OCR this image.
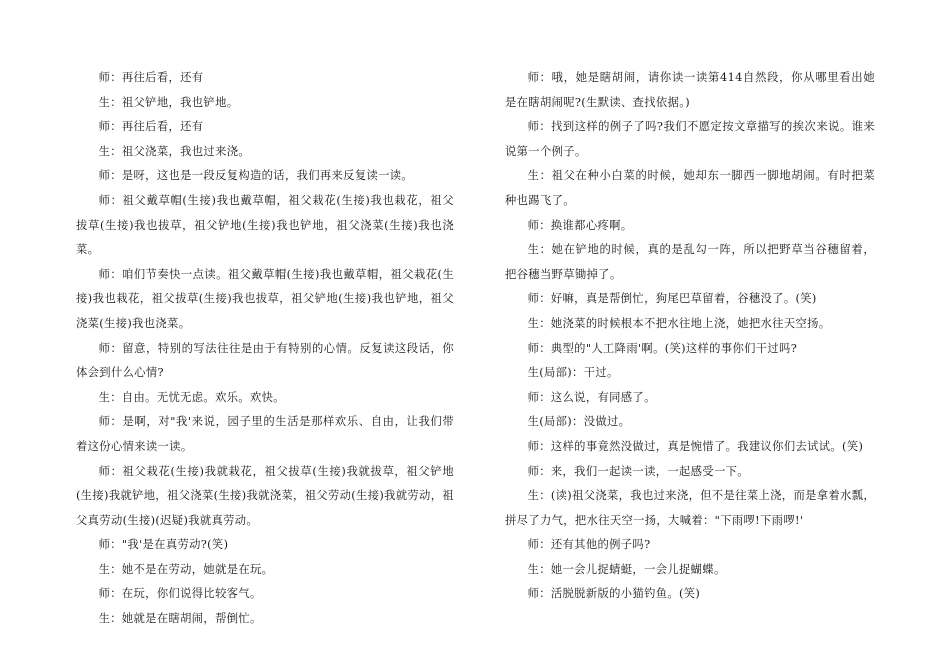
师：再往后看，还有

生：祖父铲地，我也铲地。

师：再往后看，还有

生：祖父浇菜，我也过来浇。

师：是呀，这也是一段反复构造的话，我们再来反复读一读。

师：祖父戴草帽(生接)我也戴草帽，祖父栽花(生接)我也栽花，祖父拔草(生接)我也拔草，祖父铲地(生接)我也铲地，祖父浇菜(生接)我也浇菜。

师：咱们节奏快一点读。祖父戴草帽(生接)我也戴草帽，祖父栽花(生接)我也栽花，祖父拔草(生接)我也拔草，祖父铲地(生接)我也铲地，祖父浇菜(生接)我也浇菜。

师：留意，特别的写法往往是由于有特别的心情。反复读这段话，你体会到什么心情?

生：自由。无忧无虑。欢乐。欢快。

师：是啊，对"我'来说，园子里的生活是那样欢乐、自由，让我们带着这份心情来读一读。

师：祖父栽花(生接)我就栽花，祖父拔草(生接)我就拔草，祖父铲地(生接)我就铲地，祖父浇菜(生接)我就浇菜，祖父劳动(生接)我就劳动，祖父真劳动(生接)(迟疑)我就真劳动。

师："我'是在真劳动?(笑)

生：她不是在劳动，她就是在玩。

师：在玩，你们说得比较客气。

生：她就是在瞎胡闹，帮倒忙。

师：哦，她是瞎胡闹，请你读一读第414自然段，你从哪里看出她是在瞎胡闹呢?(生默读、查找依据。)

师：找到这样的例子了吗?我们不愿定按文章描写的挨次来说。谁来说第一个例子。

生：祖父在种小白菜的时候，她却东一脚西一脚地胡闹。有时把菜种也踢飞了。

师：换谁都心疼啊。

生：她在铲地的时候，真的是乱勾一阵，所以把野草当谷穗留着，把谷穗当野草锄掉了。

师：好嘛，真是帮倒忙，狗尾巴草留着，谷穗没了。(笑)

生：她浇菜的时候根本不把水往地上浇，她把水往天空扬。

师：典型的"人工降雨'啊。(笑)这样的事你们干过吗?

生(局部)：干过。

师：这么说，有同感了。

生(局部)：没做过。

师：这样的事竟然没做过，真是惋惜了。我建议你们去试试。(笑)

师：来，我们一起读一读，一起感受一下。

生：(读)祖父浇菜，我也过来浇，但不是往菜上浇，而是拿着水瓢，拼尽了力气，把水往天空一扬，大喊着："下雨啰!下雨啰!'

师：还有其他的例子吗?

生：她一会儿捉蜻蜓，一会儿捉蝴蝶。

师：活脱脱新版的小猫钓鱼。(笑)
